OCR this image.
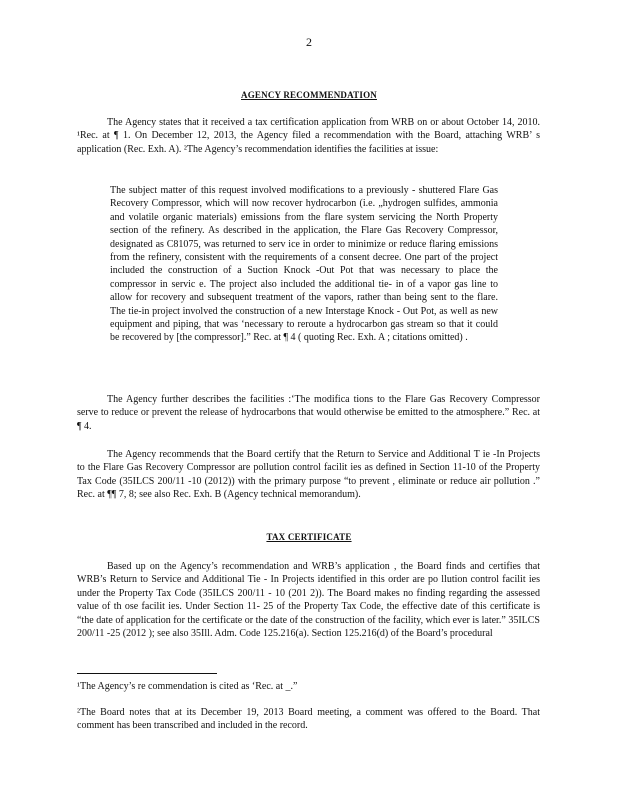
2
AGENCY RECOMMENDATION

The Agency states that it received a tax certification application from WRB on or about October 14, 2010. ¹Rec. at ¶ 1. On December 12, 2013, the Agency filed a recommendation with the Board, attaching WRB’ s application (Rec. Exh. A). ²The Agency’s recommendation identifies the facilities at issue:

The subject matter of this request involved modifications to a previously - shuttered Flare Gas Recovery Compressor, which will now recover hydrocarbon (i.e. „hydrogen sulfides, ammonia and volatile organic materials) emissions from the flare system servicing the North Property section of the refinery. As described in the application, the Flare Gas Recovery Compressor, designated as C81075, was returned to serv ice in order to minimize or reduce flaring emissions from the refinery, consistent with the requirements of a consent decree. One part of the project included the construction of a Suction Knock -Out Pot that was necessary to place the compressor in servic e. The project also included the additional tie- in of a vapor gas line to allow for recovery and subsequent treatment of the vapors, rather than being sent to the flare. The tie-in project involved the construction of a new Interstage Knock - Out Pot, as well as new equipment and piping, that was ‘necessary to reroute a hydrocarbon gas stream so that it could be recovered by [the compressor].” Rec. at ¶ 4 ( quoting Rec. Exh. A ; citations omitted) .

The Agency further describes the facilities :‘The modifica tions to the Flare Gas Recovery Compressor serve to reduce or prevent the release of hydrocarbons that would otherwise be emitted to the atmosphere.” Rec. at ¶ 4.

The Agency recommends that the Board certify that the Return to Service and Additional T ie -In Projects to the Flare Gas Recovery Compressor are pollution control facilit ies as defined in Section 11-10 of the Property Tax Code (35ILCS 200/11 -10 (2012)) with the primary purpose “to prevent , eliminate or reduce air pollution .” Rec. at ¶¶ 7, 8; see also Rec. Exh. B (Agency technical memorandum).

TAX CERTIFICATE

Based up on the Agency’s recommendation and WRB’s application , the Board finds and certifies that WRB’s Return to Service and Additional Tie - In Projects identified in this order are po llution control facilit ies under the Property Tax Code (35ILCS 200/11 - 10 (201 2)). The Board makes no finding regarding the assessed value of th ose facilit ies. Under Section 11- 25 of the Property Tax Code, the effective date of this certificate is “the date of application for the certificate or the date of the construction of the facility, which ever is later.” 35ILCS 200/11 -25 (2012 ); see also 35Ill. Adm. Code 125.216(a). Section 125.216(d) of the Board’s procedural

¹The Agency’s re commendation is cited as ‘Rec. at _.”

²The Board notes that at its December 19, 2013 Board meeting, a comment was offered to the Board. That comment has been transcribed and included in the record.
